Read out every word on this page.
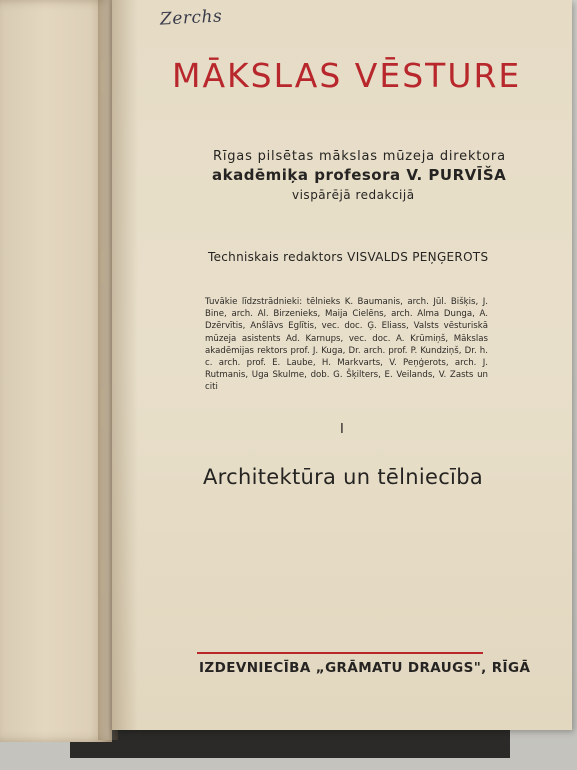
Zerchs
MĀKSLAS VĒSTURE
Rīgas pilsētas mākslas mūzeja direktora
akadēmiķa profesora V. PURVĪŠA
vispārējā redakcijā
Techniskais redaktors VISVALDS PEŅĢEROTS
Tuvākie līdzstrādnieki: tēlnieks K. Baumanis, arch. Jūl. Bišķis, J. Bine, arch. Al. Birzenieks, Maija Cielēns, arch. Alma Dunga, A. Dzērvītis, Anšlāvs Eglītis, vec. doc. Ģ. Eliass, Valsts vēsturiskā mūzeja asistents Ad. Karnups, vec. doc. A. Krūmiņš, Mākslas akadēmijas rektors prof. J. Kuga, Dr. arch. prof. P. Kundziņš, Dr. h. c. arch. prof. E. Laube, H. Markvarts, V. Peņģerots, arch. J. Rutmanis, Uga Skulme, dob. G. Šķilters, E. Veilands, V. Zasts un citi
I
Architektūra un tēlniecība
IZDEVNIECĪBA „GRĀMATU DRAUGS", RĪGĀ
